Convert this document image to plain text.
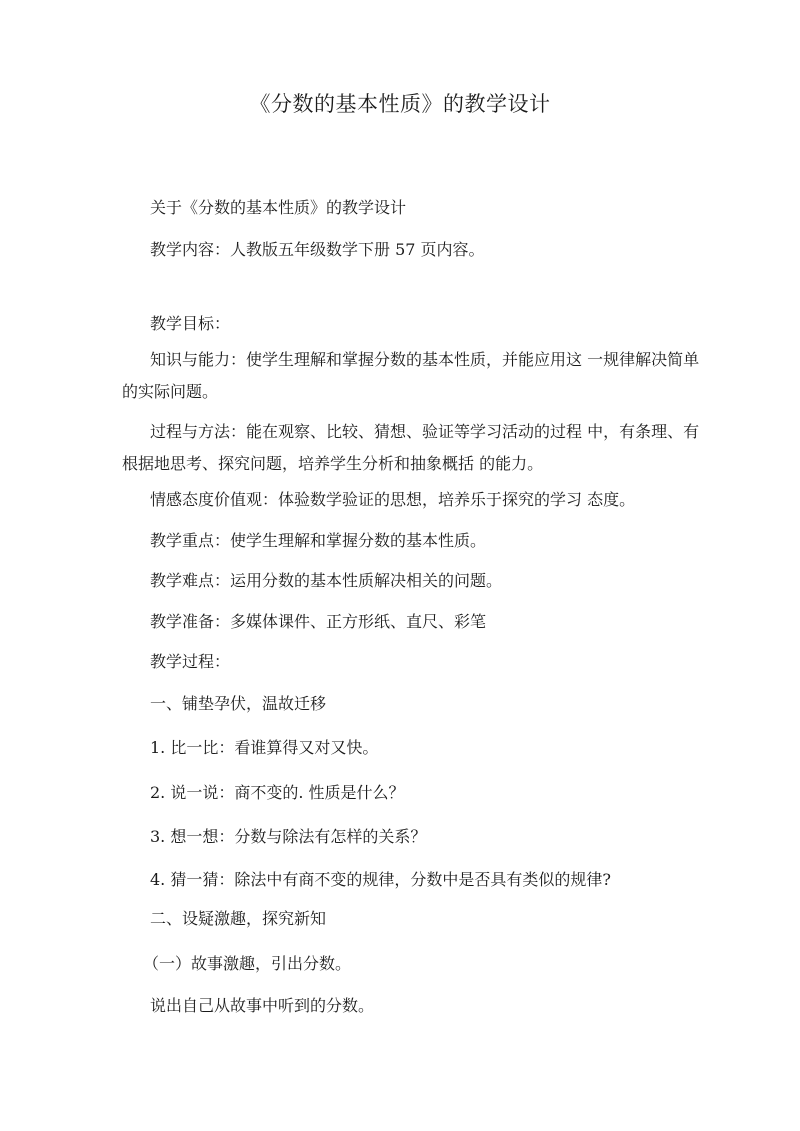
《分数的基本性质》的教学设计
关于《分数的基本性质》的教学设计
教学内容：人教版五年级数学下册 57 页内容。
教学目标：
知识与能力：使学生理解和掌握分数的基本性质，并能应用这 一规律解决简单的实际问题。
过程与方法：能在观察、比较、猜想、验证等学习活动的过程 中，有条理、有根据地思考、探究问题，培养学生分析和抽象概括 的能力。
情感态度价值观：体验数学验证的思想，培养乐于探究的学习 态度。
教学重点：使学生理解和掌握分数的基本性质。
教学难点：运用分数的基本性质解决相关的问题。
教学准备：多媒体课件、正方形纸、直尺、彩笔
教学过程：
一、铺垫孕伏，温故迁移
1. 比一比：看谁算得又对又快。
2. 说一说：商不变的. 性质是什么？
3. 想一想：分数与除法有怎样的关系？
4. 猜一猜：除法中有商不变的规律，分数中是否具有类似的规律?
二、设疑激趣，探究新知
（一）故事激趣，引出分数。
说出自己从故事中听到的分数。
